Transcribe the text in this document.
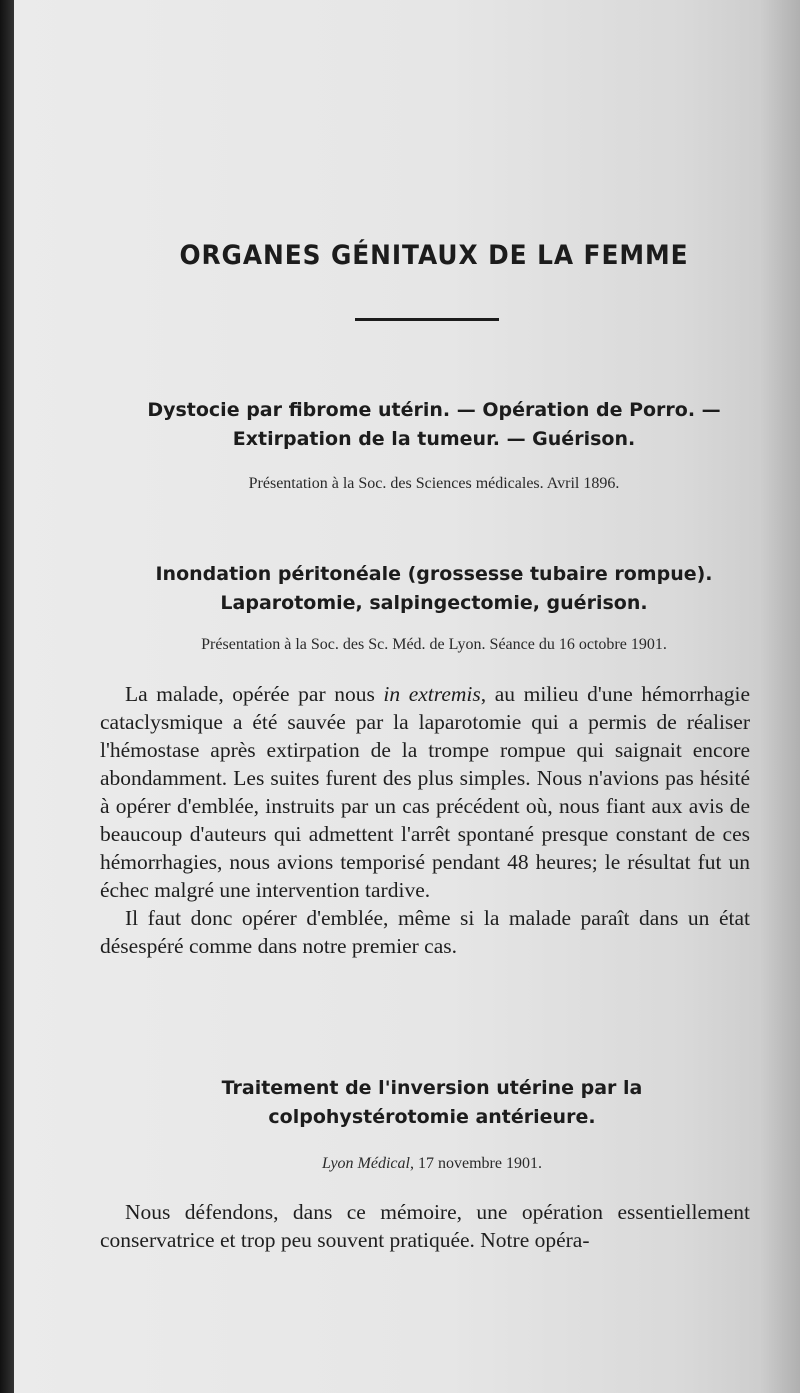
ORGANES GÉNITAUX DE LA FEMME
Dystocie par fibrome utérin. — Opération de Porro. — Extirpation de la tumeur. — Guérison.
Présentation à la Soc. des Sciences médicales. Avril 1896.
Inondation péritonéale (grossesse tubaire rompue). Laparotomie, salpingectomie, guérison.
Présentation à la Soc. des Sc. Méd. de Lyon. Séance du 16 octobre 1901.

La malade, opérée par nous in extremis, au milieu d'une hémorrhagie cataclysmique a été sauvée par la laparotomie qui a permis de réaliser l'hémostase après extirpation de la trompe rompue qui saignait encore abondamment. Les suites furent des plus simples. Nous n'avions pas hésité à opérer d'emblée, instruits par un cas précédent où, nous fiant aux avis de beaucoup d'auteurs qui admettent l'arrêt spontané presque constant de ces hémorrhagies, nous avions temporisé pendant 48 heures; le résultat fut un échec malgré une intervention tardive.

Il faut donc opérer d'emblée, même si la malade paraît dans un état désespéré comme dans notre premier cas.

Traitement de l'inversion utérine par la colpohystérotomie antérieure.
Lyon Médical, 17 novembre 1901.

Nous défendons, dans ce mémoire, une opération essentiellement conservatrice et trop peu souvent pratiquée. Notre opéra-
